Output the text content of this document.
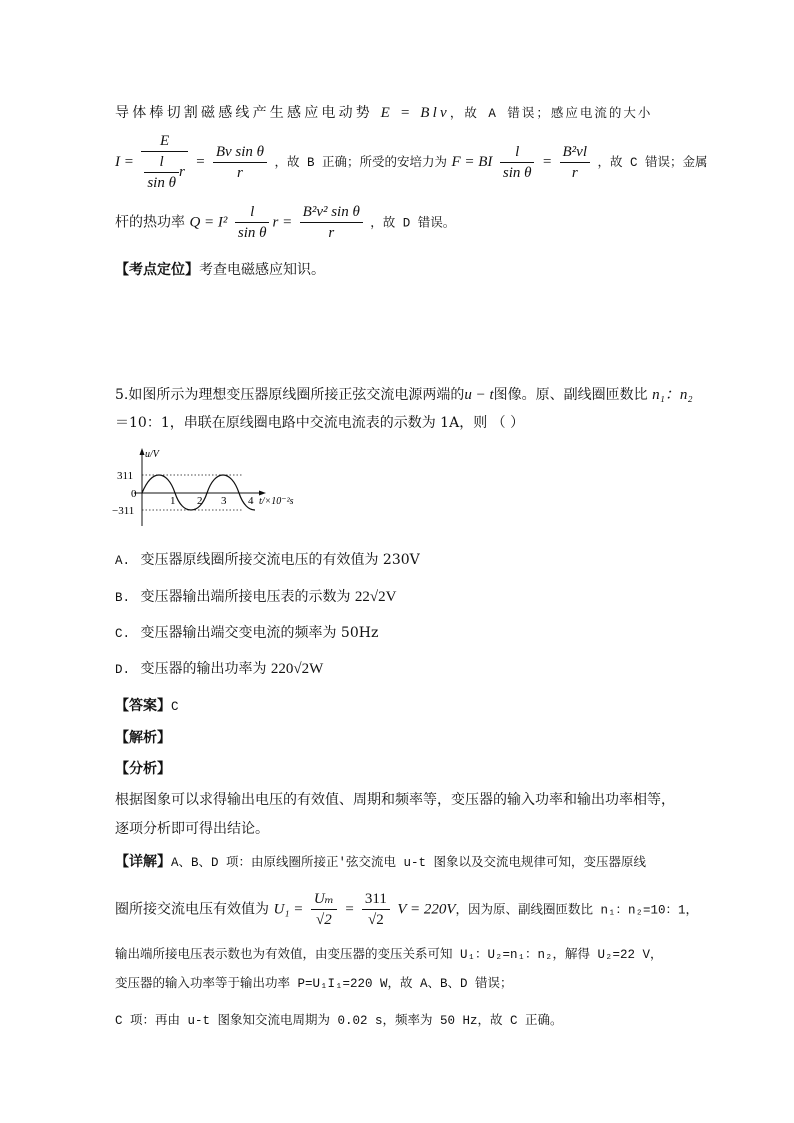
导体棒切割磁感线产生感应电动势 E = Blv，故 A 错误；感应电流的大小
$I = \frac{E}{\frac{l}{\text{sin θ}} r} = \frac{\text{Bv sin θ}}{r}$ ，故 B 正确；所受的安培力为 F = BI $\frac{l}{\text{sin θ}} = \frac{\text{B²vl}}{r}$ ，故 C 错误；金属
杆的热功率 $Q = I^2 \frac{l}{\text{sin θ}}$ $r = \frac{\text{B²v² sin θ}}{r}$ ，故 D 错误。
【考点定位】考查电磁感应知识。
5.如图所示为理想变压器原线圈所接正弦交流电源两端的u − t图像。原、副线圈匝数比 n₁：n₂
＝10：1，串联在原线圈电路中交流电流表的示数为 1A，则 （ ）
u/V
311
0
−311
1 2 3 4 t/×10⁻²s
A. 变压器原线圈所接交流电压的有效值为 230V
B. 变压器输出端所接电压表的示数为 22√2V
C. 变压器输出端交变电流的频率为 50Hz
D. 变压器的输出功率为 220√2W
【答案】C
【解析】
【分析】
根据图象可以求得输出电压的有效值、周期和频率等，变压器的输入功率和输出功率相等，
逐项分析即可得出结论。
【详解】A、B、D 项：由原线圈所接正′弦交流电 u-t 图象以及交流电规律可知，变压器原线
圈所接交流电压有效值为 $U_1 = \frac{\text{Uₘ}}{√2} = \frac{311}{√2}$ V = 220V，因为原、副线圈匝数比 n₁：n₂=10：1，
输出端所接电压表示数也为有效值，由变压器的变压关系可知 U₁：U₂=n₁：n₂，解得 U₂=22 V，
变压器的输入功率等于输出功率 P=U₁I₁=220 W，故 A、B、D 错误；
C 项：再由 u-t 图象知交流电周期为 0.02 s，频率为 50 Hz，故 C 正确。
